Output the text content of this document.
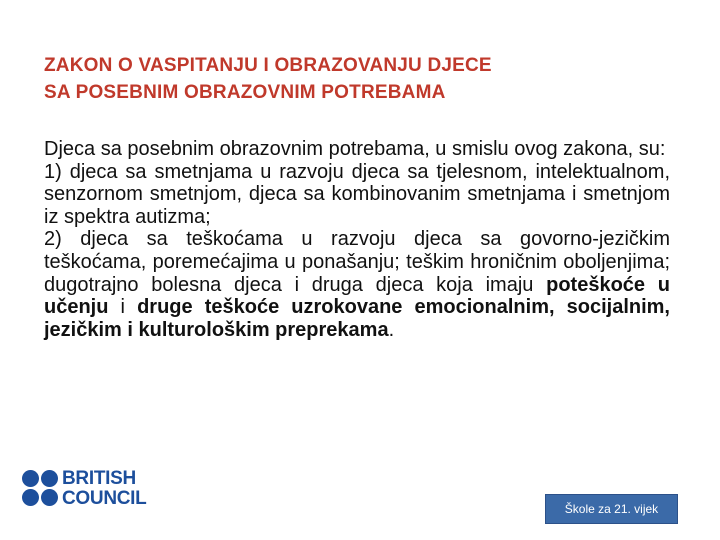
ZAKON O VASPITANJU I OBRAZOVANJU DJECE
SA POSEBNIM OBRAZOVNIM POTREBAMA

Djeca sa posebnim obrazovnim potrebama, u smislu ovog zakona, su:

1) djeca sa smetnjama u razvoju djeca sa tjelesnom, intelektualnom, senzornom smetnjom, djeca sa kombinovanim smetnjama i smetnjom iz spektra autizma;

2) djeca sa teškoćama u razvoju djeca sa govorno-jezičkim teškoćama, poremećajima u ponašanju; teškim hroničnim oboljenjima; dugotrajno bolesna djeca i druga djeca koja imaju poteškoće u učenju i druge teškoće uzrokovane emocionalnim, socijalnim, jezičkim i kulturološkim preprekama.

BRITISH
COUNCIL	Škole za 21. vijek
